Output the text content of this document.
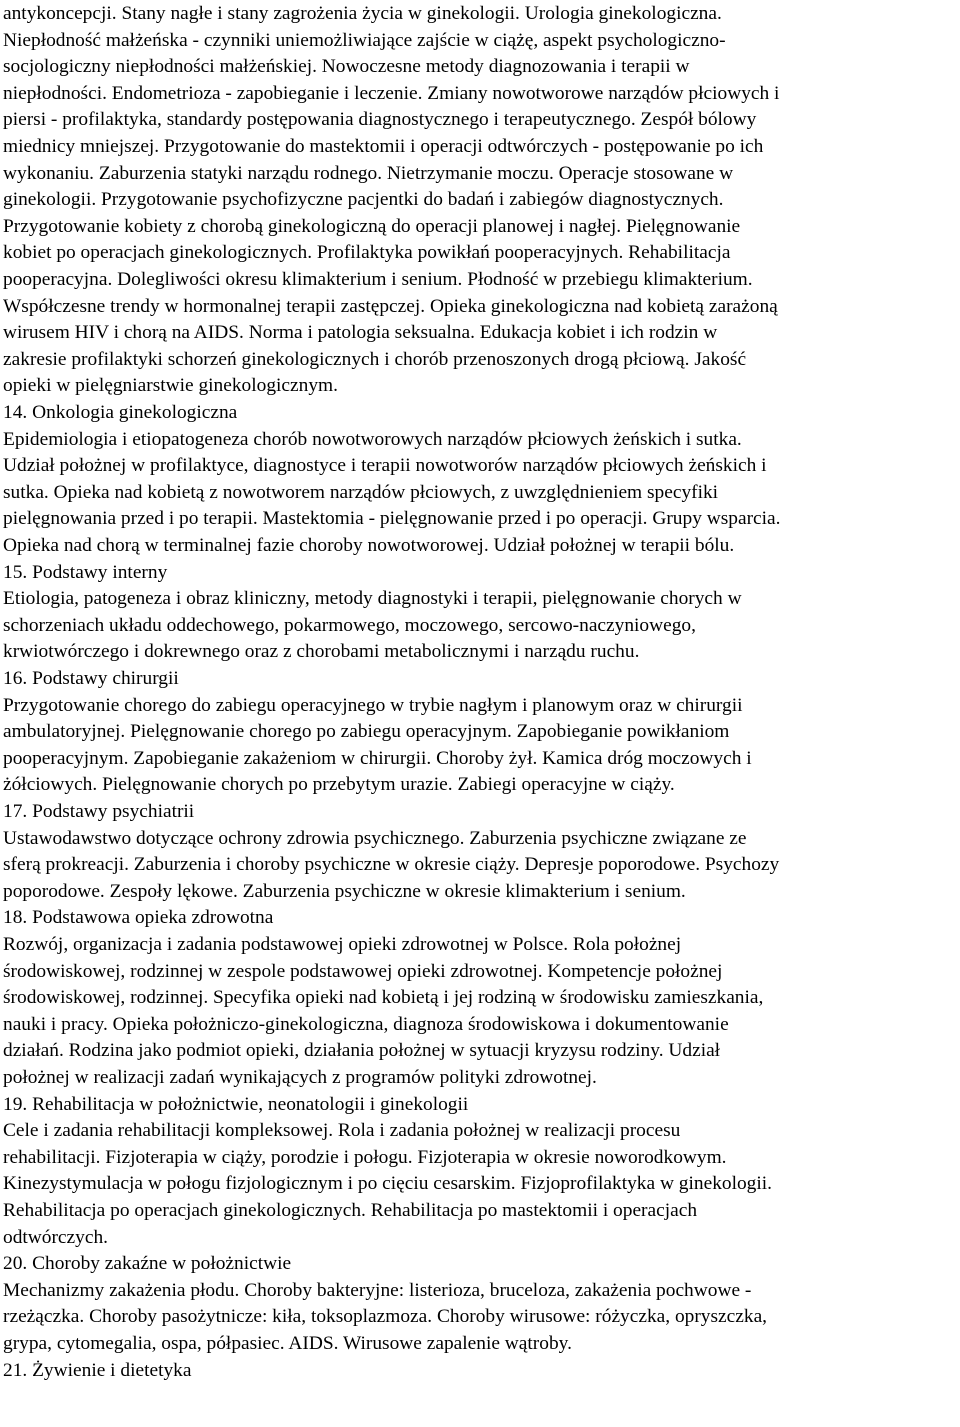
antykoncepcji. Stany nagłe i stany zagrożenia życia w ginekologii. Urologia ginekologiczna.
Niepłodność małżeńska - czynniki uniemożliwiające zajście w ciążę, aspekt psychologiczno-
socjologiczny niepłodności małżeńskiej. Nowoczesne metody diagnozowania i terapii w
niepłodności. Endometrioza - zapobieganie i leczenie. Zmiany nowotworowe narządów płciowych i
piersi - profilaktyka, standardy postępowania diagnostycznego i terapeutycznego. Zespół bólowy
miednicy mniejszej. Przygotowanie do mastektomii i operacji odtwórczych - postępowanie po ich
wykonaniu. Zaburzenia statyki narządu rodnego. Nietrzymanie moczu. Operacje stosowane w
ginekologii. Przygotowanie psychofizyczne pacjentki do badań i zabiegów diagnostycznych.
Przygotowanie kobiety z chorobą ginekologiczną do operacji planowej i nagłej. Pielęgnowanie
kobiet po operacjach ginekologicznych. Profilaktyka powikłań pooperacyjnych. Rehabilitacja
pooperacyjna. Dolegliwości okresu klimakterium i senium. Płodność w przebiegu klimakterium.
Współczesne trendy w hormonalnej terapii zastępczej. Opieka ginekologiczna nad kobietą zarażoną
wirusem HIV i chorą na AIDS. Norma i patologia seksualna. Edukacja kobiet i ich rodzin w
zakresie profilaktyki schorzeń ginekologicznych i chorób przenoszonych drogą płciową. Jakość
opieki w pielęgniarstwie ginekologicznym.
14. Onkologia ginekologiczna
Epidemiologia i etiopatogeneza chorób nowotworowych narządów płciowych żeńskich i sutka.
Udział położnej w profilaktyce, diagnostyce i terapii nowotworów narządów płciowych żeńskich i
sutka. Opieka nad kobietą z nowotworem narządów płciowych, z uwzględnieniem specyfiki
pielęgnowania przed i po terapii. Mastektomia - pielęgnowanie przed i po operacji. Grupy wsparcia.
Opieka nad chorą w terminalnej fazie choroby nowotworowej. Udział położnej w terapii bólu.
15. Podstawy interny
Etiologia, patogeneza i obraz kliniczny, metody diagnostyki i terapii, pielęgnowanie chorych w
schorzeniach układu oddechowego, pokarmowego, moczowego, sercowo-naczyniowego,
krwiotwórczego i dokrewnego oraz z chorobami metabolicznymi i narządu ruchu.
16. Podstawy chirurgii
Przygotowanie chorego do zabiegu operacyjnego w trybie nagłym i planowym oraz w chirurgii
ambulatoryjnej. Pielęgnowanie chorego po zabiegu operacyjnym. Zapobieganie powikłaniom
pooperacyjnym. Zapobieganie zakażeniom w chirurgii. Choroby żył. Kamica dróg moczowych i
żółciowych. Pielęgnowanie chorych po przebytym urazie. Zabiegi operacyjne w ciąży.
17. Podstawy psychiatrii
Ustawodawstwo dotyczące ochrony zdrowia psychicznego. Zaburzenia psychiczne związane ze
sferą prokreacji. Zaburzenia i choroby psychiczne w okresie ciąży. Depresje poporodowe. Psychozy
poporodowe. Zespoły lękowe. Zaburzenia psychiczne w okresie klimakterium i senium.
18. Podstawowa opieka zdrowotna
Rozwój, organizacja i zadania podstawowej opieki zdrowotnej w Polsce. Rola położnej
środowiskowej, rodzinnej w zespole podstawowej opieki zdrowotnej. Kompetencje położnej
środowiskowej, rodzinnej. Specyfika opieki nad kobietą i jej rodziną w środowisku zamieszkania,
nauki i pracy. Opieka położniczo-ginekologiczna, diagnoza środowiskowa i dokumentowanie
działań. Rodzina jako podmiot opieki, działania położnej w sytuacji kryzysu rodziny. Udział
położnej w realizacji zadań wynikających z programów polityki zdrowotnej.
19. Rehabilitacja w położnictwie, neonatologii i ginekologii
Cele i zadania rehabilitacji kompleksowej. Rola i zadania położnej w realizacji procesu
rehabilitacji. Fizjoterapia w ciąży, porodzie i połogu. Fizjoterapia w okresie noworodkowym.
Kinezystymulacja w połogu fizjologicznym i po cięciu cesarskim. Fizjoprofilaktyka w ginekologii.
Rehabilitacja po operacjach ginekologicznych. Rehabilitacja po mastektomii i operacjach
odtwórczych.
20. Choroby zakaźne w położnictwie
Mechanizmy zakażenia płodu. Choroby bakteryjne: listerioza, bruceloza, zakażenia pochwowe -
rzeżączka. Choroby pasożytnicze: kiła, toksoplazmoza. Choroby wirusowe: różyczka, opryszczka,
grypa, cytomegalia, ospa, półpasiec. AIDS. Wirusowe zapalenie wątroby.
21. Żywienie i dietetyka
